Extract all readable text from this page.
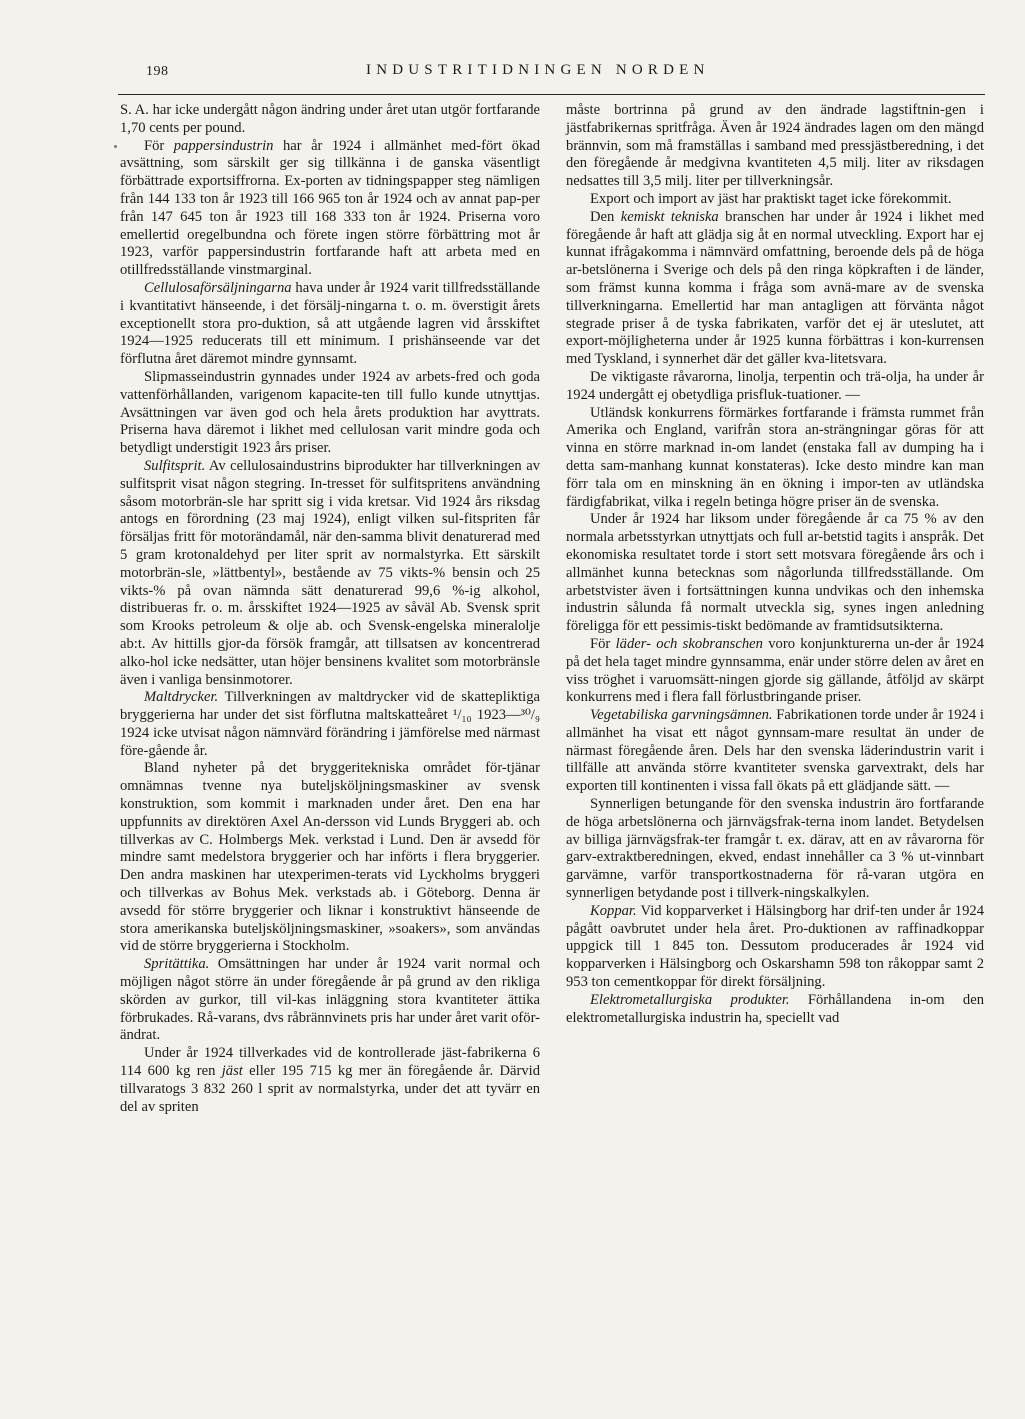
198	INDUSTRITIDNINGEN NORDEN

S. A. har icke undergått någon ändring under året utan utgör fortfarande 1,70 cents per pound.

För pappersindustrin har år 1924 i allmänhet med-fört ökad avsättning, som särskilt ger sig tillkänna i de ganska väsentligt förbättrade exportsiffrorna. Ex-porten av tidningspapper steg nämligen från 144 133 ton år 1923 till 166 965 ton år 1924 och av annat pap-per från 147 645 ton år 1923 till 168 333 ton år 1924. Priserna voro emellertid oregelbundna och förete ingen större förbättring mot år 1923, varför pappersindustrin fortfarande haft att arbeta med en otillfredsställande vinstmarginal.

Cellulosaförsäljningarna hava under år 1924 varit tillfredsställande i kvantitativt hänseende, i det försälj-ningarna t. o. m. överstigit årets exceptionellt stora pro-duktion, så att utgående lagren vid årsskiftet 1924—1925 reducerats till ett minimum. I prishänseende var det förflutna året däremot mindre gynnsamt.

Slipmasseindustrin gynnades under 1924 av arbets-fred och goda vattenförhållanden, varigenom kapacite-ten till fullo kunde utnyttjas. Avsättningen var även god och hela årets produktion har avyttrats. Priserna hava däremot i likhet med cellulosan varit mindre goda och betydligt understigit 1923 års priser.

Sulfitsprit. Av cellulosaindustrins biprodukter har tillverkningen av sulfitsprit visat någon stegring. In-tresset för sulfitspritens användning såsom motorbrän-sle har spritt sig i vida kretsar. Vid 1924 års riksdag antogs en förordning (23 maj 1924), enligt vilken sul-fitspriten får försäljas fritt för motorändamål, när den-samma blivit denaturerad med 5 gram krotonaldehyd per liter sprit av normalstyrka. Ett särskilt motorbrän-sle, »lättbentyl», bestående av 75 vikts-% bensin och 25 vikts-% på ovan nämnda sätt denaturerad 99,6 %-ig alkohol, distribueras fr. o. m. årsskiftet 1924—1925 av såväl Ab. Svensk sprit som Krooks petroleum & olje ab. och Svensk-engelska mineralolje ab:t. Av hittills gjor-da försök framgår, att tillsatsen av koncentrerad alko-hol icke nedsätter, utan höjer bensinens kvalitet som motorbränsle även i vanliga bensinmotorer.

Maltdrycker. Tillverkningen av maltdrycker vid de skattepliktiga bryggerierna har under det sist förflutna maltskatteåret ¹/₁₀ 1923—³⁰/₉ 1924 icke utvisat någon nämnvärd förändring i jämförelse med närmast före-gående år.

Bland nyheter på det bryggeritekniska området för-tjänar omnämnas tvenne nya buteljsköljningsmaskiner av svensk konstruktion, som kommit i marknaden under året. Den ena har uppfunnits av direktören Axel An-dersson vid Lunds Bryggeri ab. och tillverkas av C. Holmbergs Mek. verkstad i Lund. Den är avsedd för mindre samt medelstora bryggerier och har införts i flera bryggerier. Den andra maskinen har utexperimen-terats vid Lyckholms bryggeri och tillverkas av Bohus Mek. verkstads ab. i Göteborg. Denna är avsedd för större bryggerier och liknar i konstruktivt hänseende de stora amerikanska buteljsköljningsmaskiner, »soakers», som användas vid de större bryggerierna i Stockholm.

Spritättika. Omsättningen har under år 1924 varit normal och möjligen något större än under föregående år på grund av den rikliga skörden av gurkor, till vil-kas inläggning stora kvantiteter ättika förbrukades. Rå-varans, dvs råbrännvinets pris har under året varit oför-ändrat.

Under år 1924 tillverkades vid de kontrollerade jäst-fabrikerna 6 114 600 kg ren jäst eller 195 715 kg mer än föregående år. Därvid tillvaratogs 3 832 260 l sprit av normalstyrka, under det att tyvärr en del av spriten

måste bortrinna på grund av den ändrade lagstiftnin-gen i jästfabrikernas spritfråga. Även år 1924 ändrades lagen om den mängd brännvin, som må framställas i samband med pressjästberedning, i det den föregående år medgivna kvantiteten 4,5 milj. liter av riksdagen nedsattes till 3,5 milj. liter per tillverkningsår.

Export och import av jäst har praktiskt taget icke förekommit.

Den kemiskt tekniska branschen har under år 1924 i likhet med föregående år haft att glädja sig åt en normal utveckling. Export har ej kunnat ifrågakomma i nämnvärd omfattning, beroende dels på de höga ar-betslönerna i Sverige och dels på den ringa köpkraften i de länder, som främst kunna komma i fråga som avnä-mare av de svenska tillverkningarna. Emellertid har man antagligen att förvänta något stegrade priser å de tyska fabrikaten, varför det ej är uteslutet, att export-möjligheterna under år 1925 kunna förbättras i kon-kurrensen med Tyskland, i synnerhet där det gäller kva-litetsvara.

De viktigaste råvarorna, linolja, terpentin och trä-olja, ha under år 1924 undergått ej obetydliga prisfluk-tuationer. —

Utländsk konkurrens förmärkes fortfarande i främsta rummet från Amerika och England, varifrån stora an-strängningar göras för att vinna en större marknad in-om landet (enstaka fall av dumping ha i detta sam-manhang kunnat konstateras). Icke desto mindre kan man förr tala om en minskning än en ökning i impor-ten av utländska färdigfabrikat, vilka i regeln betinga högre priser än de svenska.

Under år 1924 har liksom under föregående år ca 75 % av den normala arbetsstyrkan utnyttjats och full ar-betstid tagits i anspråk. Det ekonomiska resultatet torde i stort sett motsvara föregående års och i allmänhet kunna betecknas som någorlunda tillfredsställande. Om arbetstvister även i fortsättningen kunna undvikas och den inhemska industrin sålunda få normalt utveckla sig, synes ingen anledning föreligga för ett pessimis-tiskt bedömande av framtidsutsikterna.

För läder- och skobranschen voro konjunkturerna un-der år 1924 på det hela taget mindre gynnsamma, enär under större delen av året en viss tröghet i varuomsätt-ningen gjorde sig gällande, åtföljd av skärpt konkurrens med i flera fall förlustbringande priser.

Vegetabiliska garvningsämnen. Fabrikationen torde under år 1924 i allmänhet ha visat ett något gynnsam-mare resultat än under de närmast föregående åren. Dels har den svenska läderindustrin varit i tillfälle att använda större kvantiteter svenska garvextrakt, dels har exporten till kontinenten i vissa fall ökats på ett glädjande sätt. —

Synnerligen betungande för den svenska industrin äro fortfarande de höga arbetslönerna och järnvägsfrak-terna inom landet. Betydelsen av billiga järnvägsfrak-ter framgår t. ex. därav, att en av råvarorna för garv-extraktberedningen, ekved, endast innehåller ca 3 % ut-vinnbart garvämne, varför transportkostnaderna för rå-varan utgöra en synnerligen betydande post i tillverk-ningskalkylen.

Koppar. Vid kopparverket i Hälsingborg har drif-ten under år 1924 pågått oavbrutet under hela året. Pro-duktionen av raffinadkoppar uppgick till 1 845 ton. Dessutom producerades år 1924 vid kopparverken i Hälsingborg och Oskarshamn 598 ton råkoppar samt 2 953 ton cementkoppar för direkt försäljning.

Elektrometallurgiska produkter. Förhållandena in-om den elektrometallurgiska industrin ha, speciellt vad
